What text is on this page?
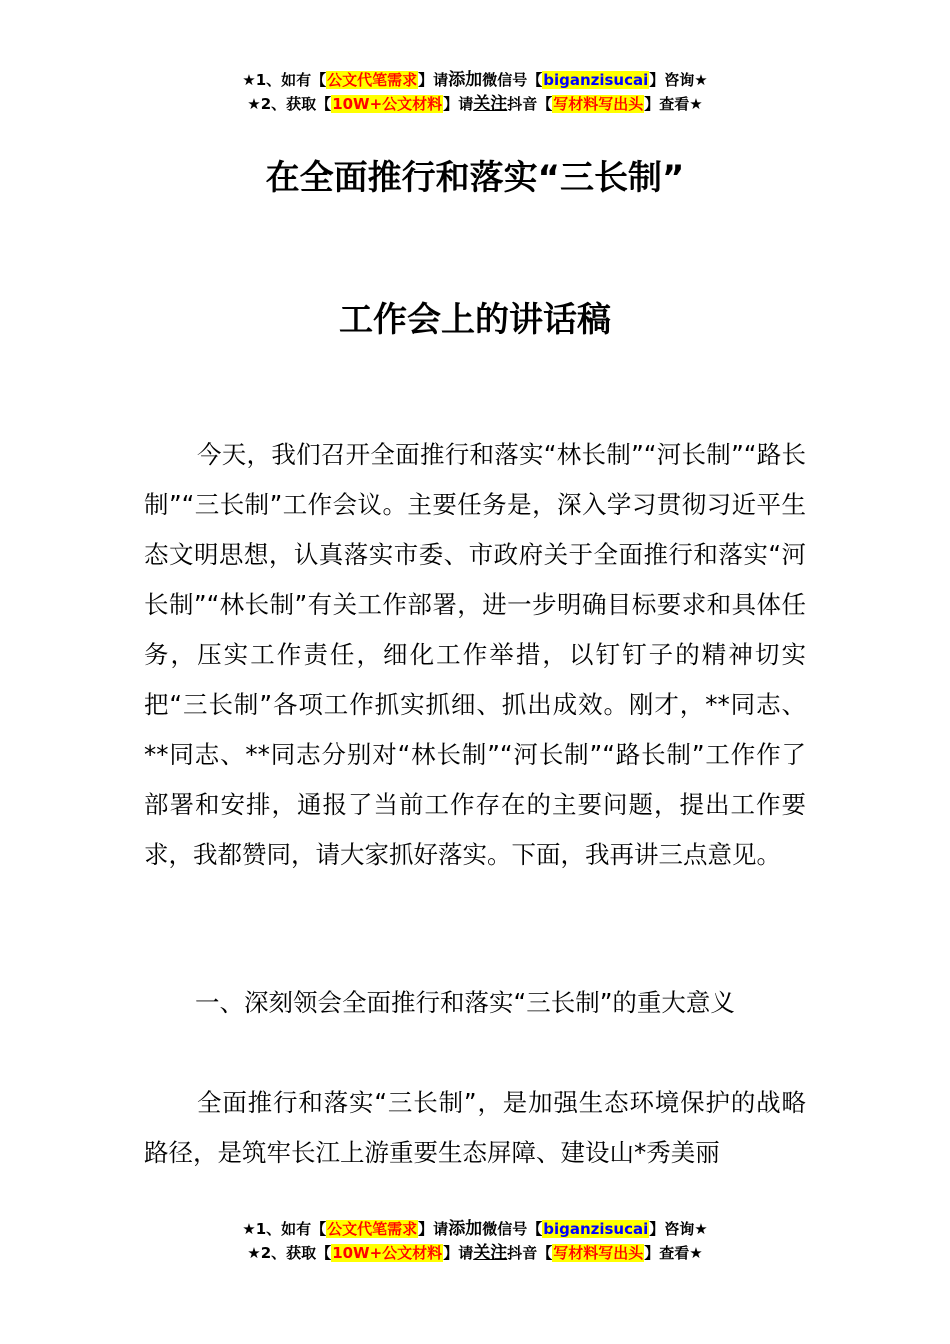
★1、如有【公文代笔需求】请添加微信号【biganzisucai】咨询★
★2、获取【10W+公文材料】请关注抖音【写材料写出头】查看★
在全面推行和落实“三长制”
工作会上的讲话稿
今天，我们召开全面推行和落实“林长制”“河长制”“路长制”“三长制”工作会议。主要任务是，深入学习贯彻习近平生态文明思想，认真落实市委、市政府关于全面推行和落实“河长制”“林长制”有关工作部署，进一步明确目标要求和具体任务，压实工作责任，细化工作举措，以钉钉子的精神切实把“三长制”各项工作抓实抓细、抓出成效。刚才，**同志、**同志、**同志分别对“林长制”“河长制”“路长制”工作作了部署和安排，通报了当前工作存在的主要问题，提出工作要求，我都赞同，请大家抓好落实。下面，我再讲三点意见。
一、深刻领会全面推行和落实“三长制”的重大意义
全面推行和落实“三长制”，是加强生态环境保护的战略路径，是筑牢长江上游重要生态屏障、建设山*秀美丽
★1、如有【公文代笔需求】请添加微信号【biganzisucai】咨询★
★2、获取【10W+公文材料】请关注抖音【写材料写出头】查看★
